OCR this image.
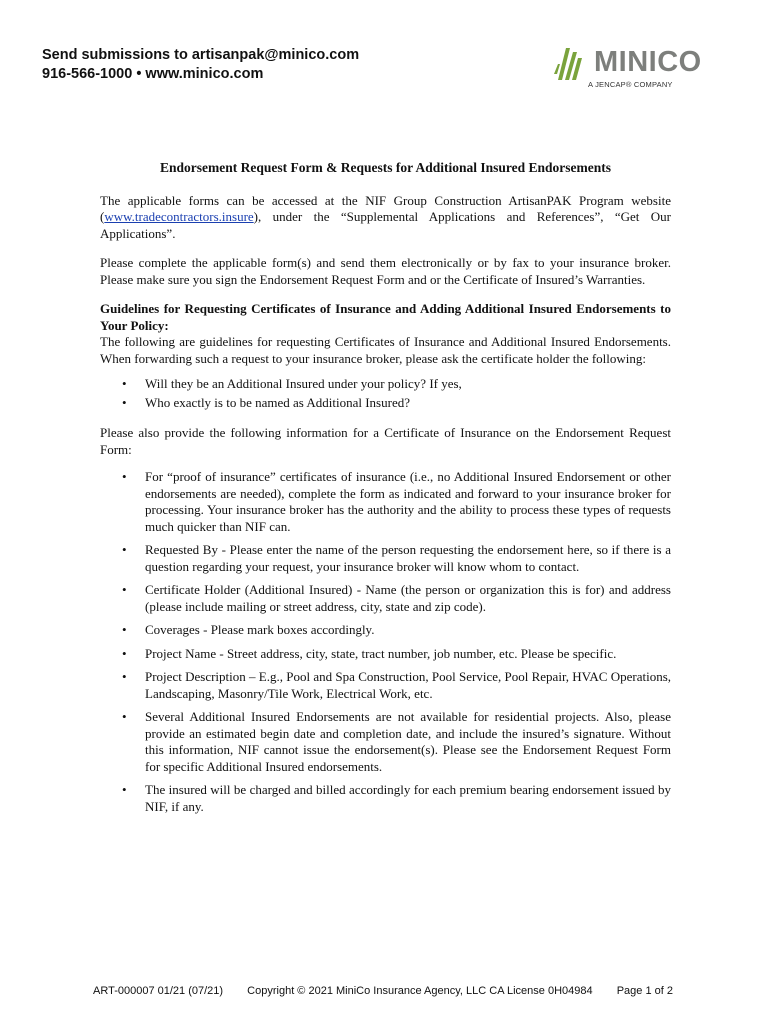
Send submissions to artisanpak@minico.com
916-566-1000 • www.minico.com	MINICO
A JENCAP® COMPANY
Endorsement Request Form & Requests for Additional Insured Endorsements

The applicable forms can be accessed at the NIF Group Construction ArtisanPAK Program website (www.tradecontractors.insure), under the “Supplemental Applications and References”, “Get Our Applications”.

Please complete the applicable form(s) and send them electronically or by fax to your insurance broker. Please make sure you sign the Endorsement Request Form and or the Certificate of Insured’s Warranties.

Guidelines for Requesting Certificates of Insurance and Adding Additional Insured Endorsements to Your Policy:

The following are guidelines for requesting Certificates of Insurance and Additional Insured Endorsements. When forwarding such a request to your insurance broker, please ask the certificate holder the following:

• Will they be an Additional Insured under your policy? If yes,
• Who exactly is to be named as Additional Insured?

Please also provide the following information for a Certificate of Insurance on the Endorsement Request Form:

• For “proof of insurance” certificates of insurance (i.e., no Additional Insured Endorsement or other endorsements are needed), complete the form as indicated and forward to your insurance broker for processing. Your insurance broker has the authority and the ability to process these types of requests much quicker than NIF can.
• Requested By - Please enter the name of the person requesting the endorsement here, so if there is a question regarding your request, your insurance broker will know whom to contact.
• Certificate Holder (Additional Insured) - Name (the person or organization this is for) and address (please include mailing or street address, city, state and zip code).
• Coverages - Please mark boxes accordingly.
• Project Name - Street address, city, state, tract number, job number, etc. Please be specific.
• Project Description – E.g., Pool and Spa Construction, Pool Service, Pool Repair, HVAC Operations, Landscaping, Masonry/Tile Work, Electrical Work, etc.
• Several Additional Insured Endorsements are not available for residential projects. Also, please provide an estimated begin date and completion date, and include the insured’s signature. Without this information, NIF cannot issue the endorsement(s). Please see the Endorsement Request Form for specific Additional Insured endorsements.
• The insured will be charged and billed accordingly for each premium bearing endorsement issued by NIF, if any.
ART-000007 01/21 (07/21) Copyright © 2021 MiniCo Insurance Agency, LLC CA License 0H04984 Page 1 of 2
